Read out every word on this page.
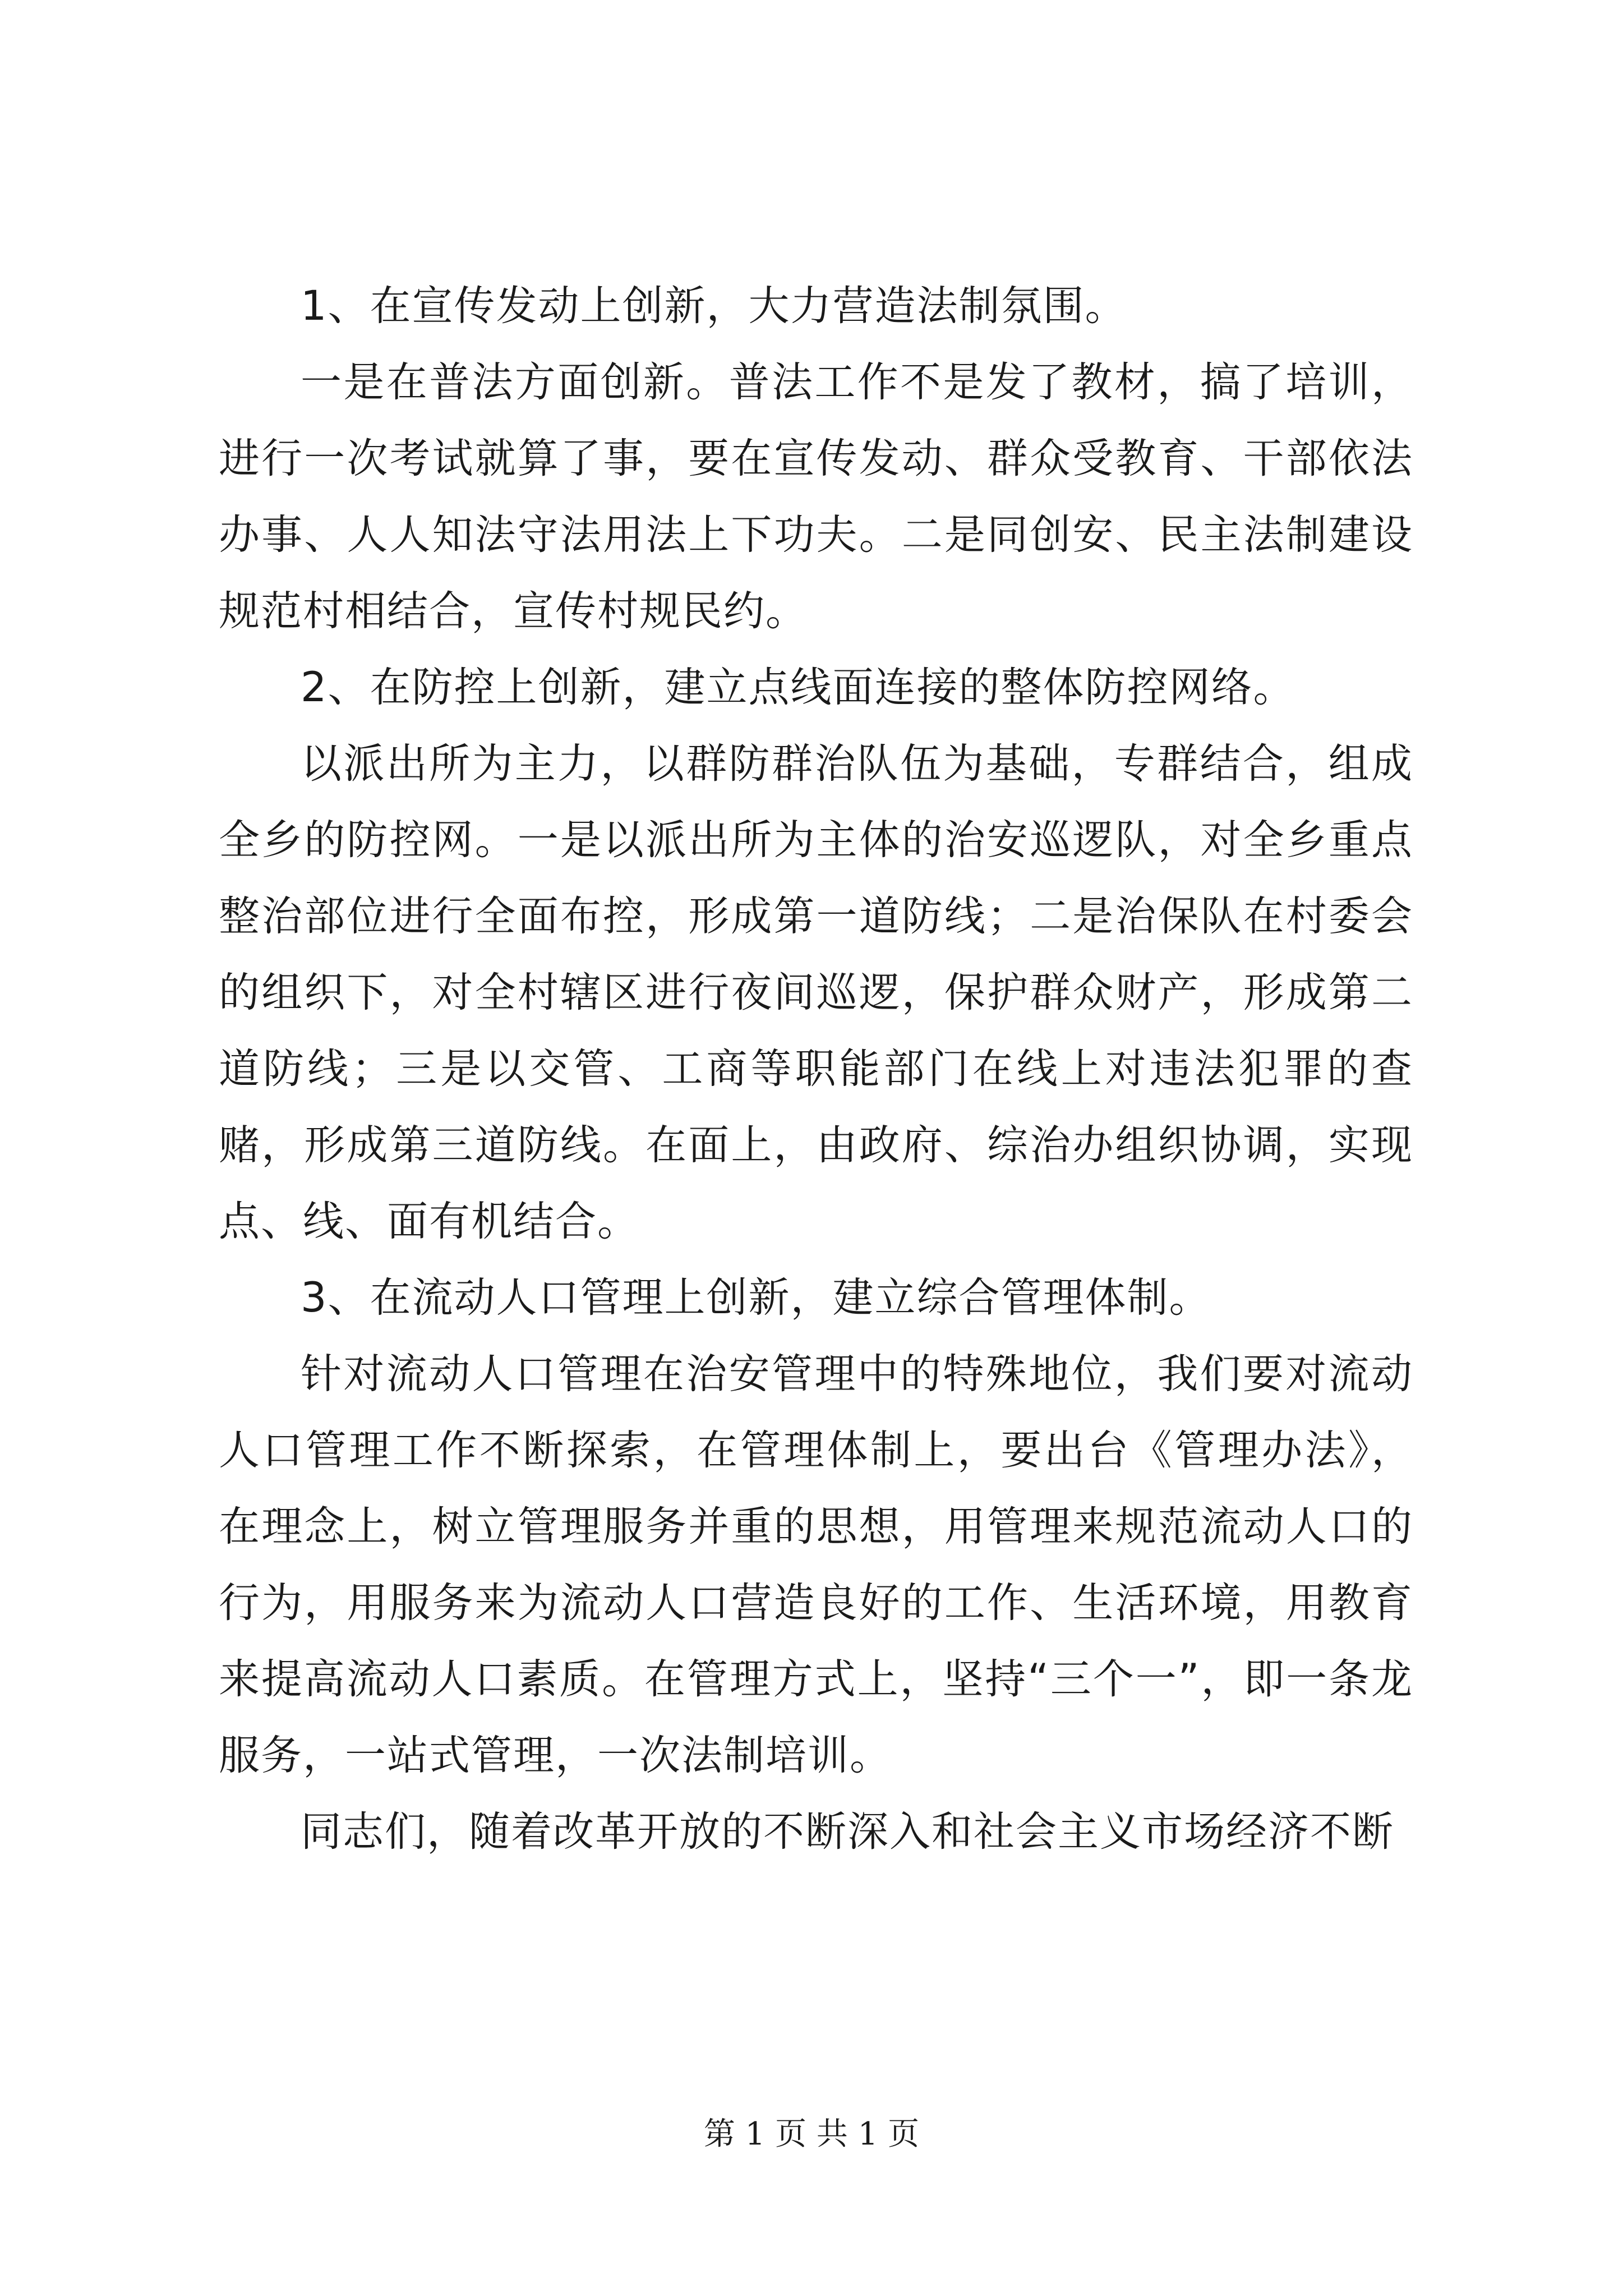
1、在宣传发动上创新，大力营造法制氛围。

一是在普法方面创新。普法工作不是发了教材，搞了培训，进行一次考试就算了事，要在宣传发动、群众受教育、干部依法办事、人人知法守法用法上下功夫。二是同创安、民主法制建设规范村相结合，宣传村规民约。

2、在防控上创新，建立点线面连接的整体防控网络。

以派出所为主力，以群防群治队伍为基础，专群结合，组成全乡的防控网。一是以派出所为主体的治安巡逻队，对全乡重点整治部位进行全面布控，形成第一道防线；二是治保队在村委会的组织下，对全村辖区进行夜间巡逻，保护群众财产，形成第二道防线；三是以交管、工商等职能部门在线上对违法犯罪的查赌，形成第三道防线。在面上，由政府、综治办组织协调，实现点、线、面有机结合。

3、在流动人口管理上创新，建立综合管理体制。

针对流动人口管理在治安管理中的特殊地位，我们要对流动人口管理工作不断探索，在管理体制上，要出台《管理办法》，在理念上，树立管理服务并重的思想，用管理来规范流动人口的行为，用服务来为流动人口营造良好的工作、生活环境，用教育来提高流动人口素质。在管理方式上，坚持“三个一”，即一条龙服务，一站式管理，一次法制培训。

同志们，随着改革开放的不断深入和社会主义市场经济不断

第 1 页 共 1 页
